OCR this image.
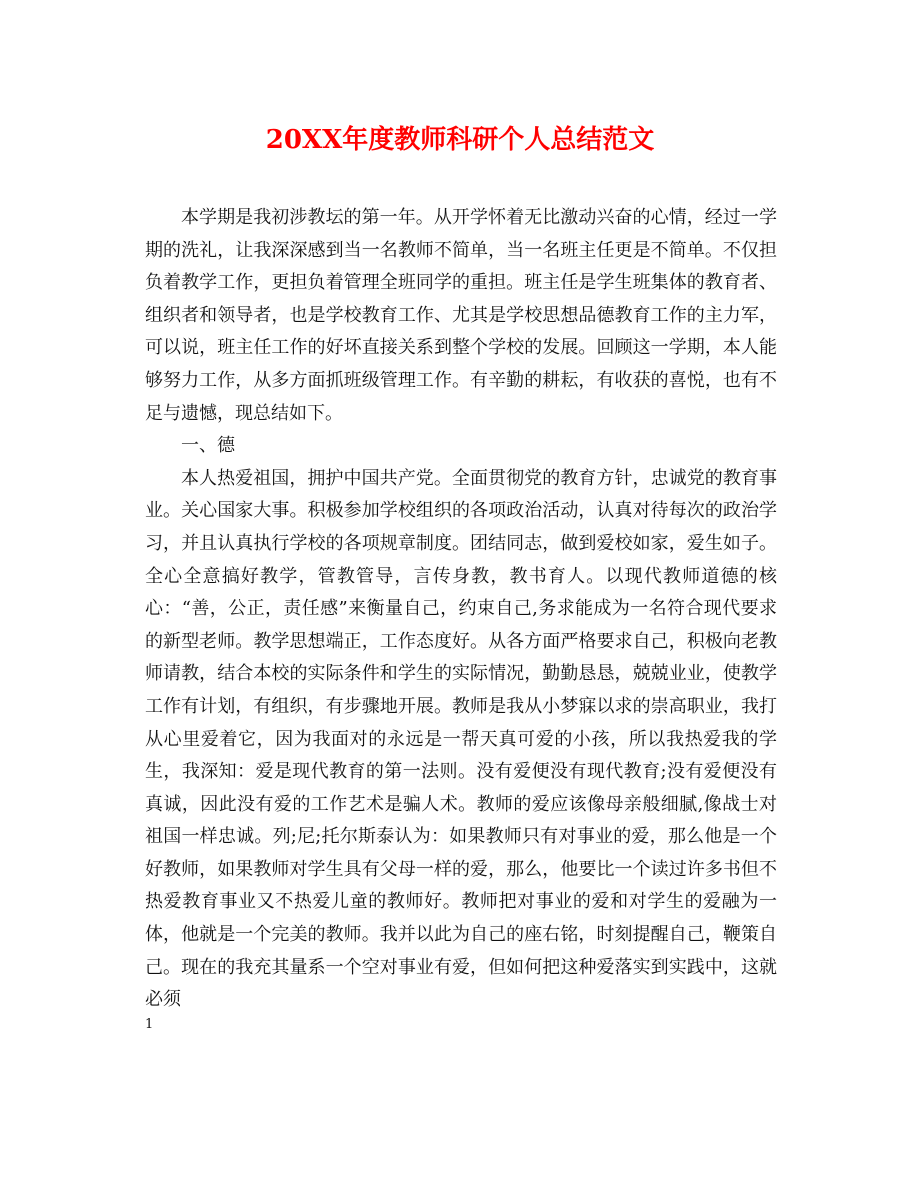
20XX年度教师科研个人总结范文

本学期是我初涉教坛的第一年。从开学怀着无比激动兴奋的心情，经过一学期的洗礼，让我深深感到当一名教师不简单，当一名班主任更是不简单。不仅担负着教学工作，更担负着管理全班同学的重担。班主任是学生班集体的教育者、组织者和领导者，也是学校教育工作、尤其是学校思想品德教育工作的主力军，可以说，班主任工作的好坏直接关系到整个学校的发展。回顾这一学期，本人能够努力工作，从多方面抓班级管理工作。有辛勤的耕耘，有收获的喜悦，也有不足与遗憾，现总结如下。

一、德

本人热爱祖国，拥护中国共产党。全面贯彻党的教育方针，忠诚党的教育事业。关心国家大事。积极参加学校组织的各项政治活动，认真对待每次的政治学习，并且认真执行学校的各项规章制度。团结同志，做到爱校如家，爱生如子。全心全意搞好教学，管教管导，言传身教，教书育人。以现代教师道德的核心：“善，公正，责任感”来衡量自己，约束自己,务求能成为一名符合现代要求的新型老师。教学思想端正，工作态度好。从各方面严格要求自己，积极向老教师请教，结合本校的实际条件和学生的实际情况，勤勤恳恳，兢兢业业，使教学工作有计划，有组织，有步骤地开展。教师是我从小梦寐以求的崇高职业，我打从心里爱着它，因为我面对的永远是一帮天真可爱的小孩，所以我热爱我的学生，我深知：爱是现代教育的第一法则。没有爱便没有现代教育;没有爱便没有真诚，因此没有爱的工作艺术是骗人术。教师的爱应该像母亲般细腻,像战士对祖国一样忠诚。列;尼;托尔斯泰认为：如果教师只有对事业的爱，那么他是一个好教师，如果教师对学生具有父母一样的爱，那么，他要比一个读过许多书但不热爱教育事业又不热爱儿童的教师好。教师把对事业的爱和对学生的爱融为一体，他就是一个完美的教师。我并以此为自己的座右铭，时刻提醒自己，鞭策自己。现在的我充其量系一个空对事业有爱，但如何把这种爱落实到实践中，这就必须

1
